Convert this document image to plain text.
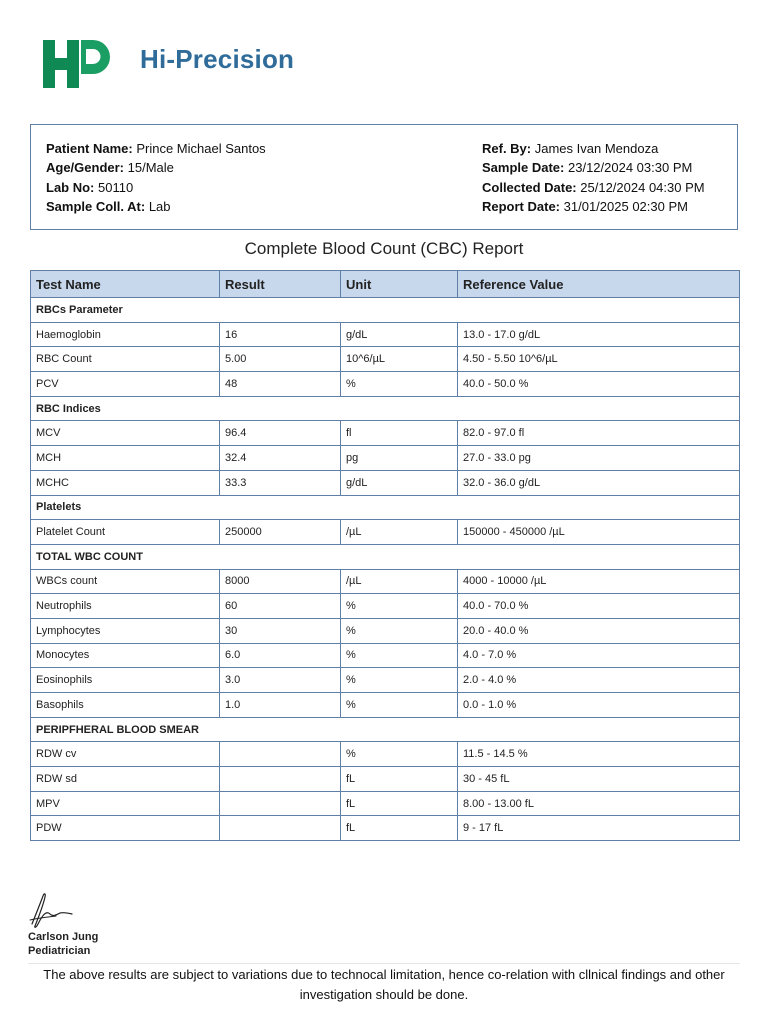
Hi-Precision
Patient Name: Prince Michael Santos
Age/Gender: 15/Male
Lab No: 50110
Sample Coll. At: Lab
Ref. By: James Ivan Mendoza
Sample Date: 23/12/2024 03:30 PM
Collected Date: 25/12/2024 04:30 PM
Report Date: 31/01/2025 02:30 PM
Complete Blood Count (CBC) Report
Test Name	Result	Unit	Reference Value
RBCs Parameter			
Haemoglobin	16	g/dL	13.0 - 17.0 g/dL
RBC Count	5.00	10^6/µL	4.50 - 5.50 10^6/µL
PCV	48	%	40.0 - 50.0 %
RBC Indices			
MCV	96.4	fl	82.0 - 97.0 fl
MCH	32.4	pg	27.0 - 33.0 pg
MCHC	33.3	g/dL	32.0 - 36.0 g/dL
Platelets			
Platelet Count	250000	/µL	150000 - 450000 /µL
TOTAL WBC COUNT			
WBCs count	8000	/µL	4000 - 10000 /µL
Neutrophils	60	%	40.0 - 70.0 %
Lymphocytes	30	%	20.0 - 40.0 %
Monocytes	6.0	%	4.0 - 7.0 %
Eosinophils	3.0	%	2.0 - 4.0 %
Basophils	1.0	%	0.0 - 1.0 %
PERIPFHERAL BLOOD SMEAR			
RDW cv		%	11.5 - 14.5 %
RDW sd		fL	30 - 45 fL
MPV		fL	8.00 - 13.00 fL
PDW		fL	9 - 17 fL
Carlson Jung
Pediatrician
The above results are subject to variations due to technocal limitation, hence co-relation with cllnical findings and other investigation should be done.
